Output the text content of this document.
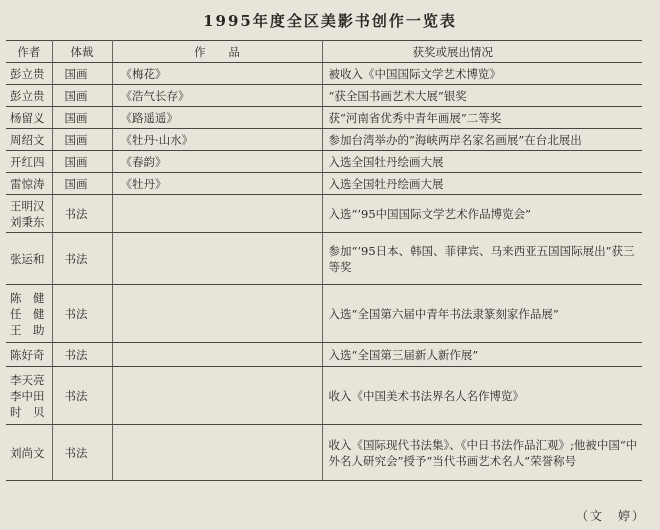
1995年度全区美影书创作一览表
作者	体裁	作　　品	获奖或展出情况

彭立贵	国画	《梅花》	被收入《中国国际文学艺术博览》

彭立贵	国画	《浩气长存》	“获全国书画艺术大展”银奖

杨留义	国画	《路遥遥》	获“河南省优秀中青年画展”二等奖

周绍文	国画	《牡丹·山水》	参加台湾举办的“海峡两岸名家名画展”在台北展出

开红四	国画	《春韵》	入选全国牡丹绘画大展

雷惊涛	国画	《牡丹》	入选全国牡丹绘画大展

王明汉
刘秉东	书法		入选“’95中国国际文学艺术作品博览会”

张运和	书法		参加“’95日本、韩国、菲律宾、马来西亚五国国际展出”获三等奖

陈　健
任　健
王　助	书法		入选“全国第六届中青年书法隶篆刻家作品展”

陈好奇	书法		入选“全国第三届新人新作展”

李天亮
李中田
时　贝	书法		收入《中国美术书法界名人名作博览》

刘尚文	书法		收入《国际现代书法集》、《中日书法作品汇观》;他被中国“中外名人研究会”授予“当代书画艺术名人”荣誉称号
（文　婷）
